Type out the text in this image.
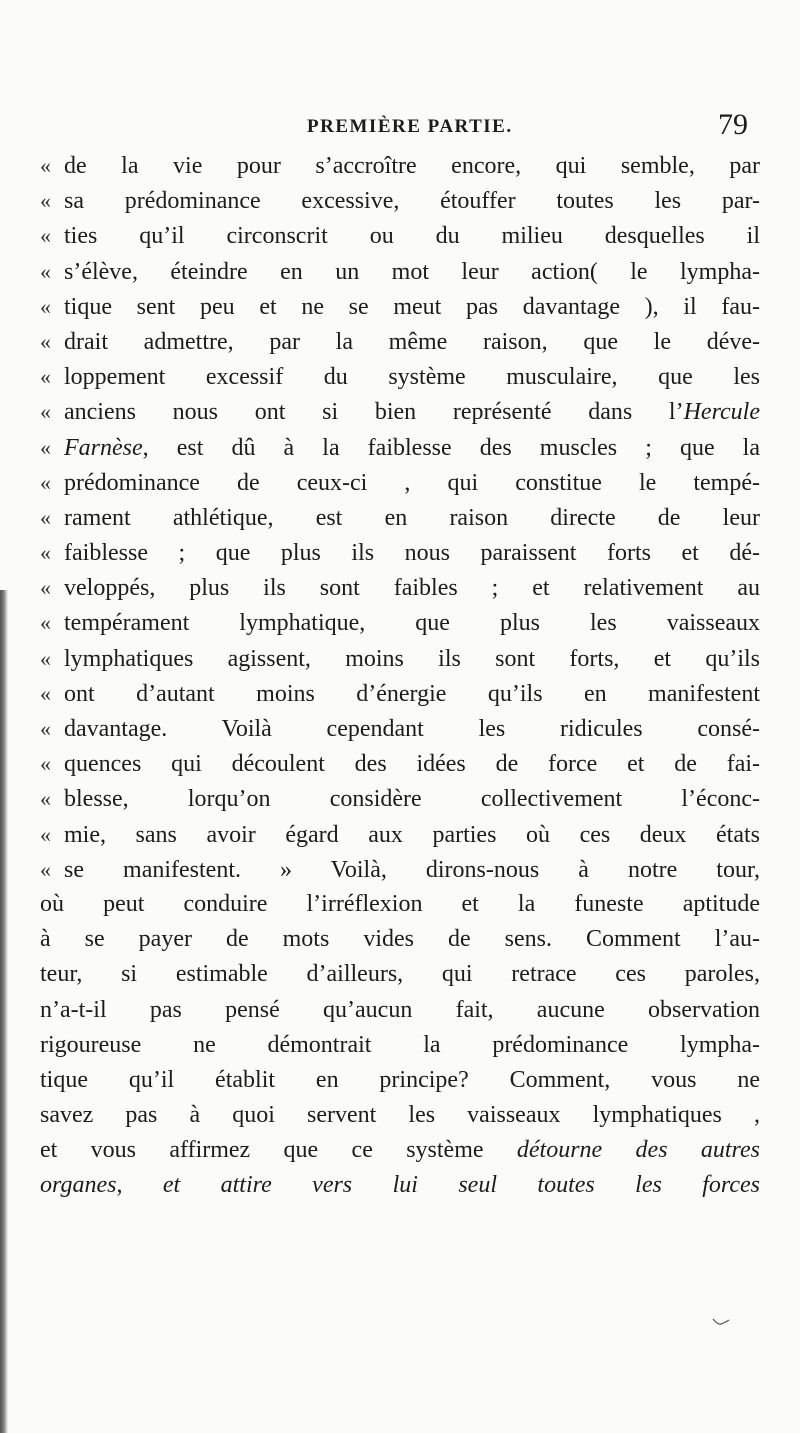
PREMIÈRE PARTIE.	79
« de la vie pour s’accroître encore, qui semble, par
« sa prédominance excessive, étouffer toutes les par-
« ties qu’il circonscrit ou du milieu desquelles il
« s’élève, éteindre en un mot leur action( le lympha-
« tique sent peu et ne se meut pas davantage ), il fau-
« drait admettre, par la même raison, que le déve-
« loppement excessif du système musculaire, que les
« anciens nous ont si bien représenté dans l’Hercule
« Farnèse, est dû à la faiblesse des muscles ; que la
« prédominance de ceux-ci , qui constitue le tempé-
« rament athlétique, est en raison directe de leur
« faiblesse ; que plus ils nous paraissent forts et dé-
« veloppés, plus ils sont faibles ; et relativement au
« tempérament lymphatique, que plus les vaisseaux
« lymphatiques agissent, moins ils sont forts, et qu’ils
« ont d’autant moins d’énergie qu’ils en manifestent
« davantage. Voilà cependant les ridicules consé-
« quences qui découlent des idées de force et de fai-
« blesse, lorqu’on considère collectivement l’éconc-
« mie, sans avoir égard aux parties où ces deux états
« se manifestent. » Voilà, dirons-nous à notre tour,
où peut conduire l’irréflexion et la funeste aptitude
à se payer de mots vides de sens. Comment l’au-
teur, si estimable d’ailleurs, qui retrace ces paroles,
n’a-t-il pas pensé qu’aucun fait, aucune observation
rigoureuse ne démontrait la prédominance lympha-
tique qu’il établit en principe? Comment, vous ne
savez pas à quoi servent les vaisseaux lymphatiques ,
et vous affirmez que ce système détourne des autres
organes, et attire vers lui seul toutes les forces
